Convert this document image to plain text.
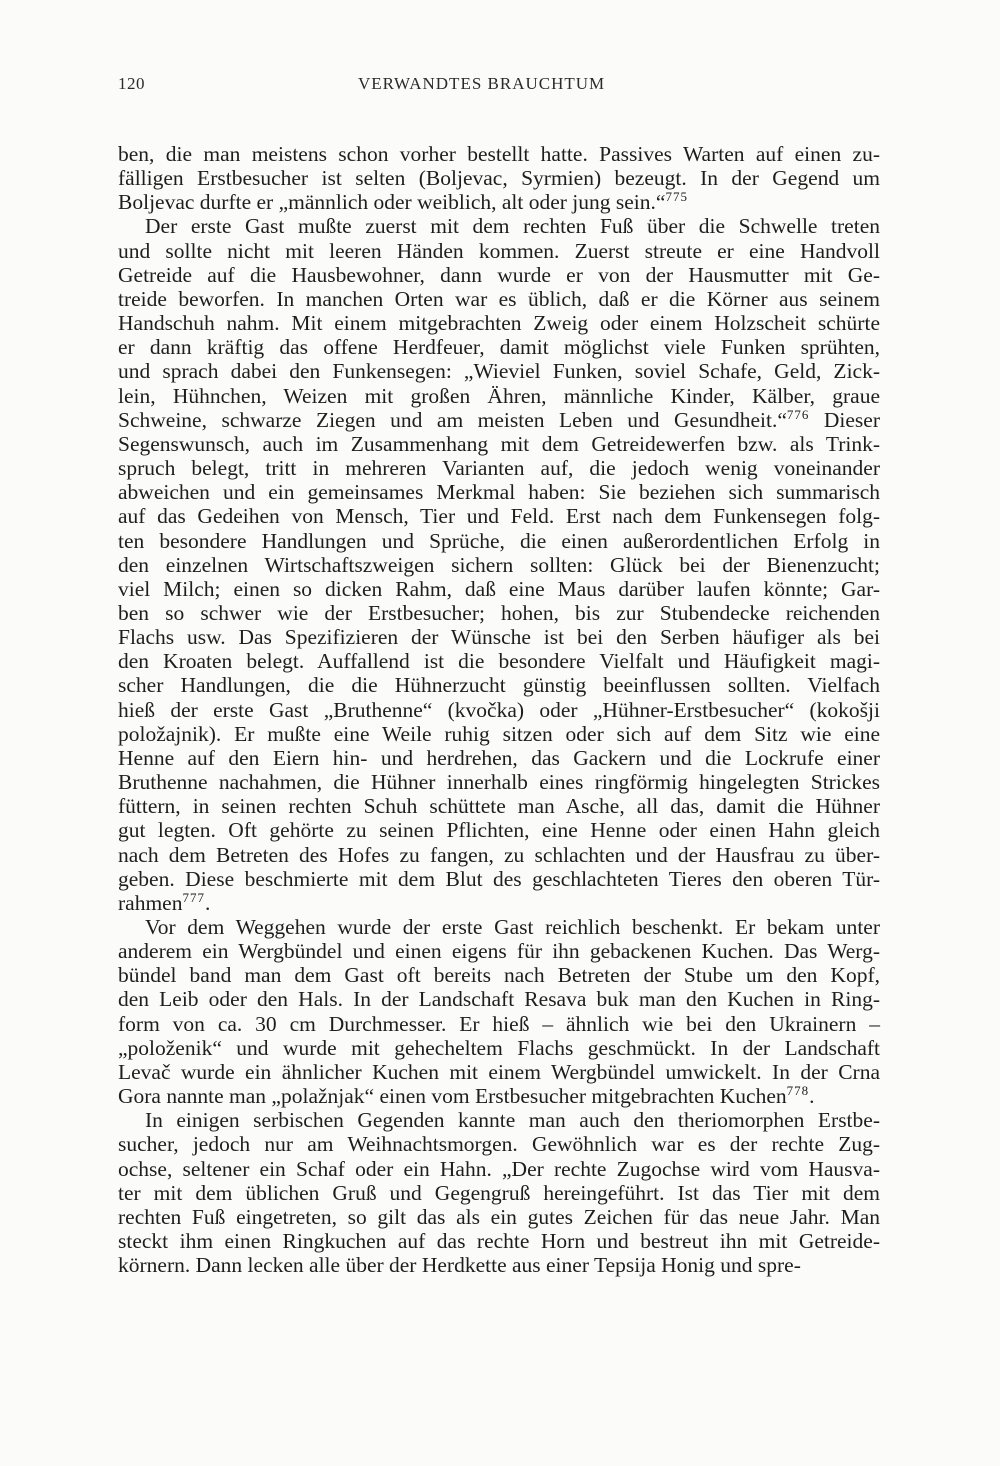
120	VERWANDTES BRAUCHTUM
ben, die man meistens schon vorher bestellt hatte. Passives Warten auf einen zu-
fälligen Erstbesucher ist selten (Boljevac, Syrmien) bezeugt. In der Gegend um
Boljevac durfte er „männlich oder weiblich, alt oder jung sein.“$^{775}$
Der erste Gast mußte zuerst mit dem rechten Fuß über die Schwelle treten
und sollte nicht mit leeren Händen kommen. Zuerst streute er eine Handvoll
Getreide auf die Hausbewohner, dann wurde er von der Hausmutter mit Ge-
treide beworfen. In manchen Orten war es üblich, daß er die Körner aus seinem
Handschuh nahm. Mit einem mitgebrachten Zweig oder einem Holzscheit schürte
er dann kräftig das offene Herdfeuer, damit möglichst viele Funken sprühten,
und sprach dabei den Funkensegen: „Wieviel Funken, soviel Schafe, Geld, Zick-
lein, Hühnchen, Weizen mit großen Ähren, männliche Kinder, Kälber, graue
Schweine, schwarze Ziegen und am meisten Leben und Gesundheit.“$^{776}$ Dieser
Segenswunsch, auch im Zusammenhang mit dem Getreidewerfen bzw. als Trink-
spruch belegt, tritt in mehreren Varianten auf, die jedoch wenig voneinander
abweichen und ein gemeinsames Merkmal haben: Sie beziehen sich summarisch
auf das Gedeihen von Mensch, Tier und Feld. Erst nach dem Funkensegen folg-
ten besondere Handlungen und Sprüche, die einen außerordentlichen Erfolg in
den einzelnen Wirtschaftszweigen sichern sollten: Glück bei der Bienenzucht;
viel Milch; einen so dicken Rahm, daß eine Maus darüber laufen könnte; Gar-
ben so schwer wie der Erstbesucher; hohen, bis zur Stubendecke reichenden
Flachs usw. Das Spezifizieren der Wünsche ist bei den Serben häufiger als bei
den Kroaten belegt. Auffallend ist die besondere Vielfalt und Häufigkeit magi-
scher Handlungen, die die Hühnerzucht günstig beeinflussen sollten. Vielfach
hieß der erste Gast „Bruthenne“ (kvočka) oder „Hühner-Erstbesucher“ (kokošji
položajnik). Er mußte eine Weile ruhig sitzen oder sich auf dem Sitz wie eine
Henne auf den Eiern hin- und herdrehen, das Gackern und die Lockrufe einer
Bruthenne nachahmen, die Hühner innerhalb eines ringförmig hingelegten Strickes
füttern, in seinen rechten Schuh schüttete man Asche, all das, damit die Hühner
gut legten. Oft gehörte zu seinen Pflichten, eine Henne oder einen Hahn gleich
nach dem Betreten des Hofes zu fangen, zu schlachten und der Hausfrau zu über-
geben. Diese beschmierte mit dem Blut des geschlachteten Tieres den oberen Tür-
rahmen$^{777}$.
Vor dem Weggehen wurde der erste Gast reichlich beschenkt. Er bekam unter
anderem ein Wergbündel und einen eigens für ihn gebackenen Kuchen. Das Werg-
bündel band man dem Gast oft bereits nach Betreten der Stube um den Kopf,
den Leib oder den Hals. In der Landschaft Resava buk man den Kuchen in Ring-
form von ca. 30 cm Durchmesser. Er hieß – ähnlich wie bei den Ukrainern –
„položenik“ und wurde mit gehecheltem Flachs geschmückt. In der Landschaft
Levač wurde ein ähnlicher Kuchen mit einem Wergbündel umwickelt. In der Crna
Gora nannte man „polažnjak“ einen vom Erstbesucher mitgebrachten Kuchen$^{778}$.
In einigen serbischen Gegenden kannte man auch den theriomorphen Erstbe-
sucher, jedoch nur am Weihnachtsmorgen. Gewöhnlich war es der rechte Zug-
ochse, seltener ein Schaf oder ein Hahn. „Der rechte Zugochse wird vom Hausva-
ter mit dem üblichen Gruß und Gegengruß hereingeführt. Ist das Tier mit dem
rechten Fuß eingetreten, so gilt das als ein gutes Zeichen für das neue Jahr. Man
steckt ihm einen Ringkuchen auf das rechte Horn und bestreut ihn mit Getreide-
körnern. Dann lecken alle über der Herdkette aus einer Tepsija Honig und spre-
